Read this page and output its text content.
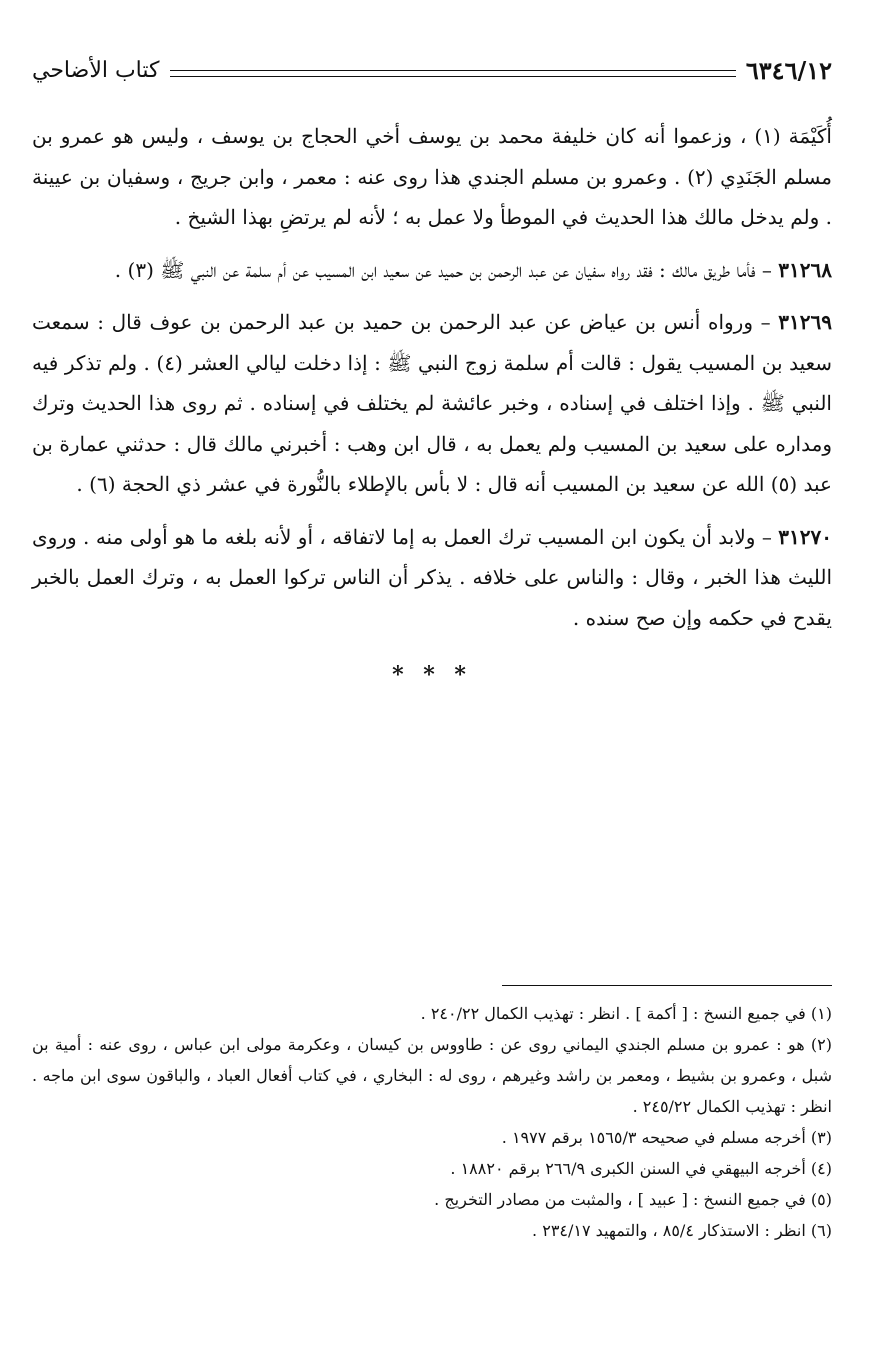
٦٣٤٦/١٢
كتاب الأضاحي

أُكَيْمَة (١) ، وزعموا أنه كان خليفة محمد بن يوسف أخي الحجاج بن يوسف ، وليس هو عمرو بن مسلم الجَنَدِي (٢) . وعمرو بن مسلم الجندي هذا روى عنه : معمر ، وابن جريج ، وسفيان بن عيينة . ولم يدخل مالك هذا الحديث في الموطأ ولا عمل به ؛ لأنه لم يرتضِ بهذا الشيخ .

٣١٢٦٨ – فأما طريق مالك : فقد رواه سفيان عن عبد الرحمن بن حميد عن سعيد ابن المسيب عن أم سلمة عن النبي ﷺ (٣) .

٣١٢٦٩ – ورواه أنس بن عياض عن عبد الرحمن بن حميد بن عبد الرحمن بن عوف قال : سمعت سعيد بن المسيب يقول : قالت أم سلمة زوج النبي ﷺ : إذا دخلت ليالي العشر (٤) . ولم تذكر فيه النبي ﷺ . وإذا اختلف في إسناده ، وخبر عائشة لم يختلف في إسناده . ثم روى هذا الحديث وترك ومداره على سعيد بن المسيب ولم يعمل به ، قال ابن وهب : أخبرني مالك قال : حدثني عمارة بن عبد (٥) الله عن سعيد بن المسيب أنه قال : لا بأس بالإطلاء بالنُّورة في عشر ذي الحجة (٦) .

٣١٢٧٠ – ولابد أن يكون ابن المسيب ترك العمل به إما لاتفاقه ، أو لأنه بلغه ما هو أولى منه . وروى الليث هذا الخبر ، وقال : والناس على خلافه . يذكر أن الناس تركوا العمل به ، وترك العمل بالخبر يقدح في حكمه وإن صح سنده .

* * *

(١) في جميع النسخ : [ أكمة ] . انظر : تهذيب الكمال ٢٤٠/٢٢ .

(٢) هو : عمرو بن مسلم الجندي اليماني روى عن : طاووس بن كيسان ، وعكرمة مولى ابن عباس ، روى عنه : أمية بن شبل ، وعمرو بن بشيط ، ومعمر بن راشد وغيرهم ، روى له : البخاري ، في كتاب أفعال العباد ، والباقون سوى ابن ماجه . انظر : تهذيب الكمال ٢٤٥/٢٢ .

(٣) أخرجه مسلم في صحيحه ١٥٦٥/٣ برقم ١٩٧٧ .

(٤) أخرجه البيهقي في السنن الكبرى ٢٦٦/٩ برقم ١٨٨٢٠ .

(٥) في جميع النسخ : [ عبيد ] ، والمثبت من مصادر التخريج .

(٦) انظر : الاستذكار ٨٥/٤ ، والتمهيد ٢٣٤/١٧ .
